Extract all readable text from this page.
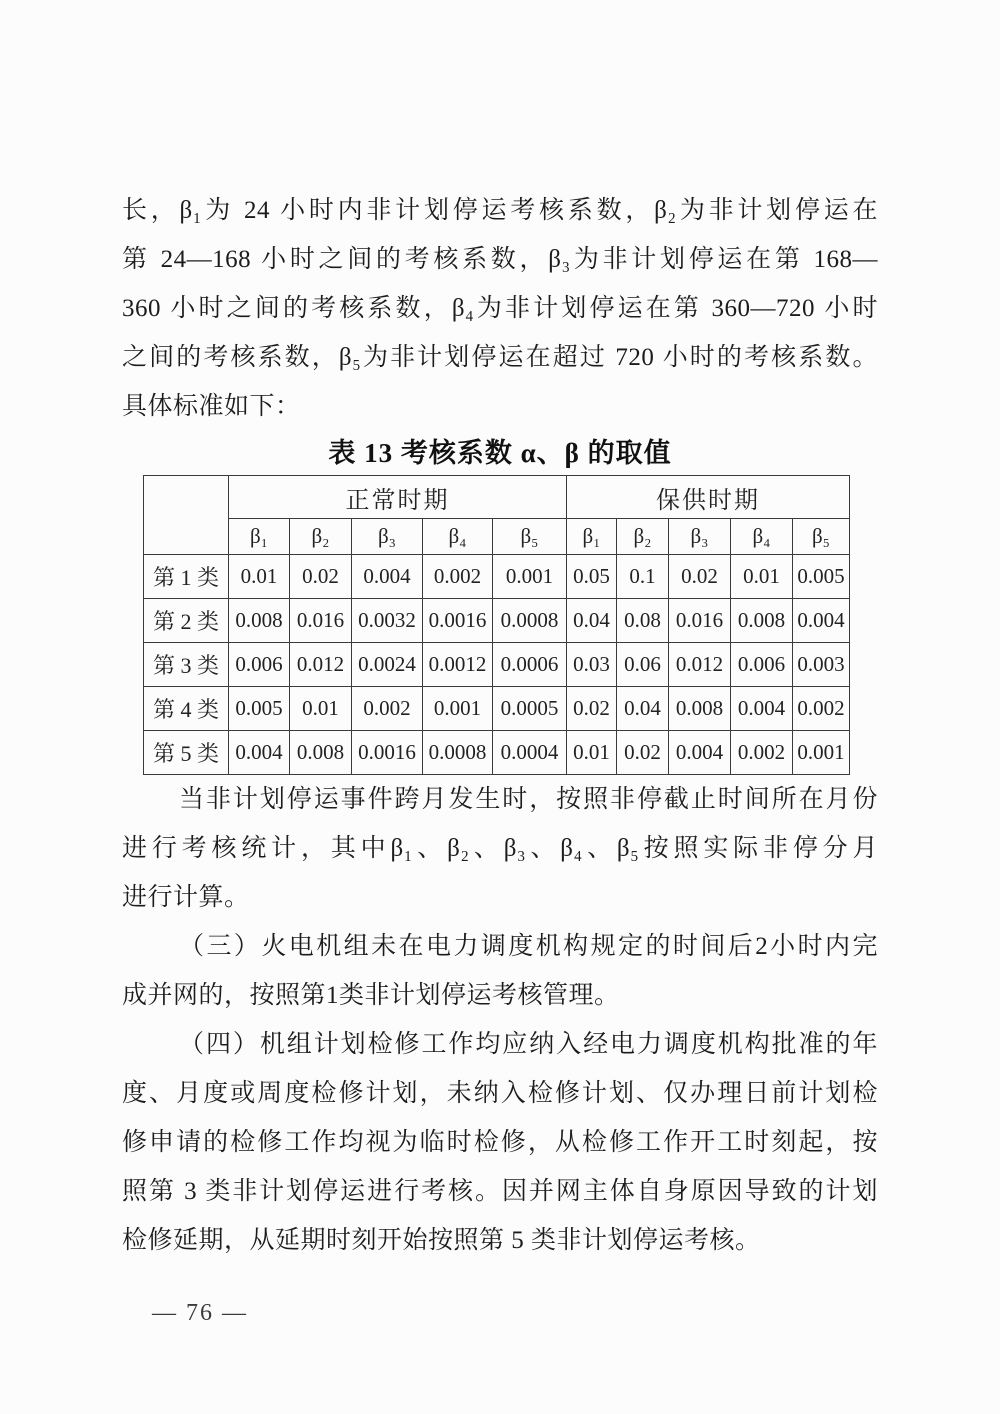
长，β₁为 24 小时内非计划停运考核系数，β₂为非计划停运在
第 24—168 小时之间的考核系数，β₃为非计划停运在第 168—
360 小时之间的考核系数，β₄为非计划停运在第 360—720 小时
之间的考核系数，β₅为非计划停运在超过 720 小时的考核系数。
具体标准如下：
表 13 考核系数 α、β 的取值
	正常时期					保供时期				
	β₁	β₂	β₃	β₄	β₅	β₁	β₂	β₃	β₄	β₅
第 1 类	0.01	0.02	0.004	0.002	0.001	0.05	0.1	0.02	0.01	0.005
第 2 类	0.008	0.016	0.0032	0.0016	0.0008	0.04	0.08	0.016	0.008	0.004
第 3 类	0.006	0.012	0.0024	0.0012	0.0006	0.03	0.06	0.012	0.006	0.003
第 4 类	0.005	0.01	0.002	0.001	0.0005	0.02	0.04	0.008	0.004	0.002
第 5 类	0.004	0.008	0.0016	0.0008	0.0004	0.01	0.02	0.004	0.002	0.001
当非计划停运事件跨月发生时，按照非停截止时间所在月份
进行考核统计，其中β₁、β₂、β₃、β₄、β₅按照实际非停分月
进行计算。
（三）火电机组未在电力调度机构规定的时间后2小时内完
成并网的，按照第1类非计划停运考核管理。
（四）机组计划检修工作均应纳入经电力调度机构批准的年
度、月度或周度检修计划，未纳入检修计划、仅办理日前计划检
修申请的检修工作均视为临时检修，从检修工作开工时刻起，按
照第 3 类非计划停运进行考核。因并网主体自身原因导致的计划
检修延期，从延期时刻开始按照第 5 类非计划停运考核。
— 76 —
